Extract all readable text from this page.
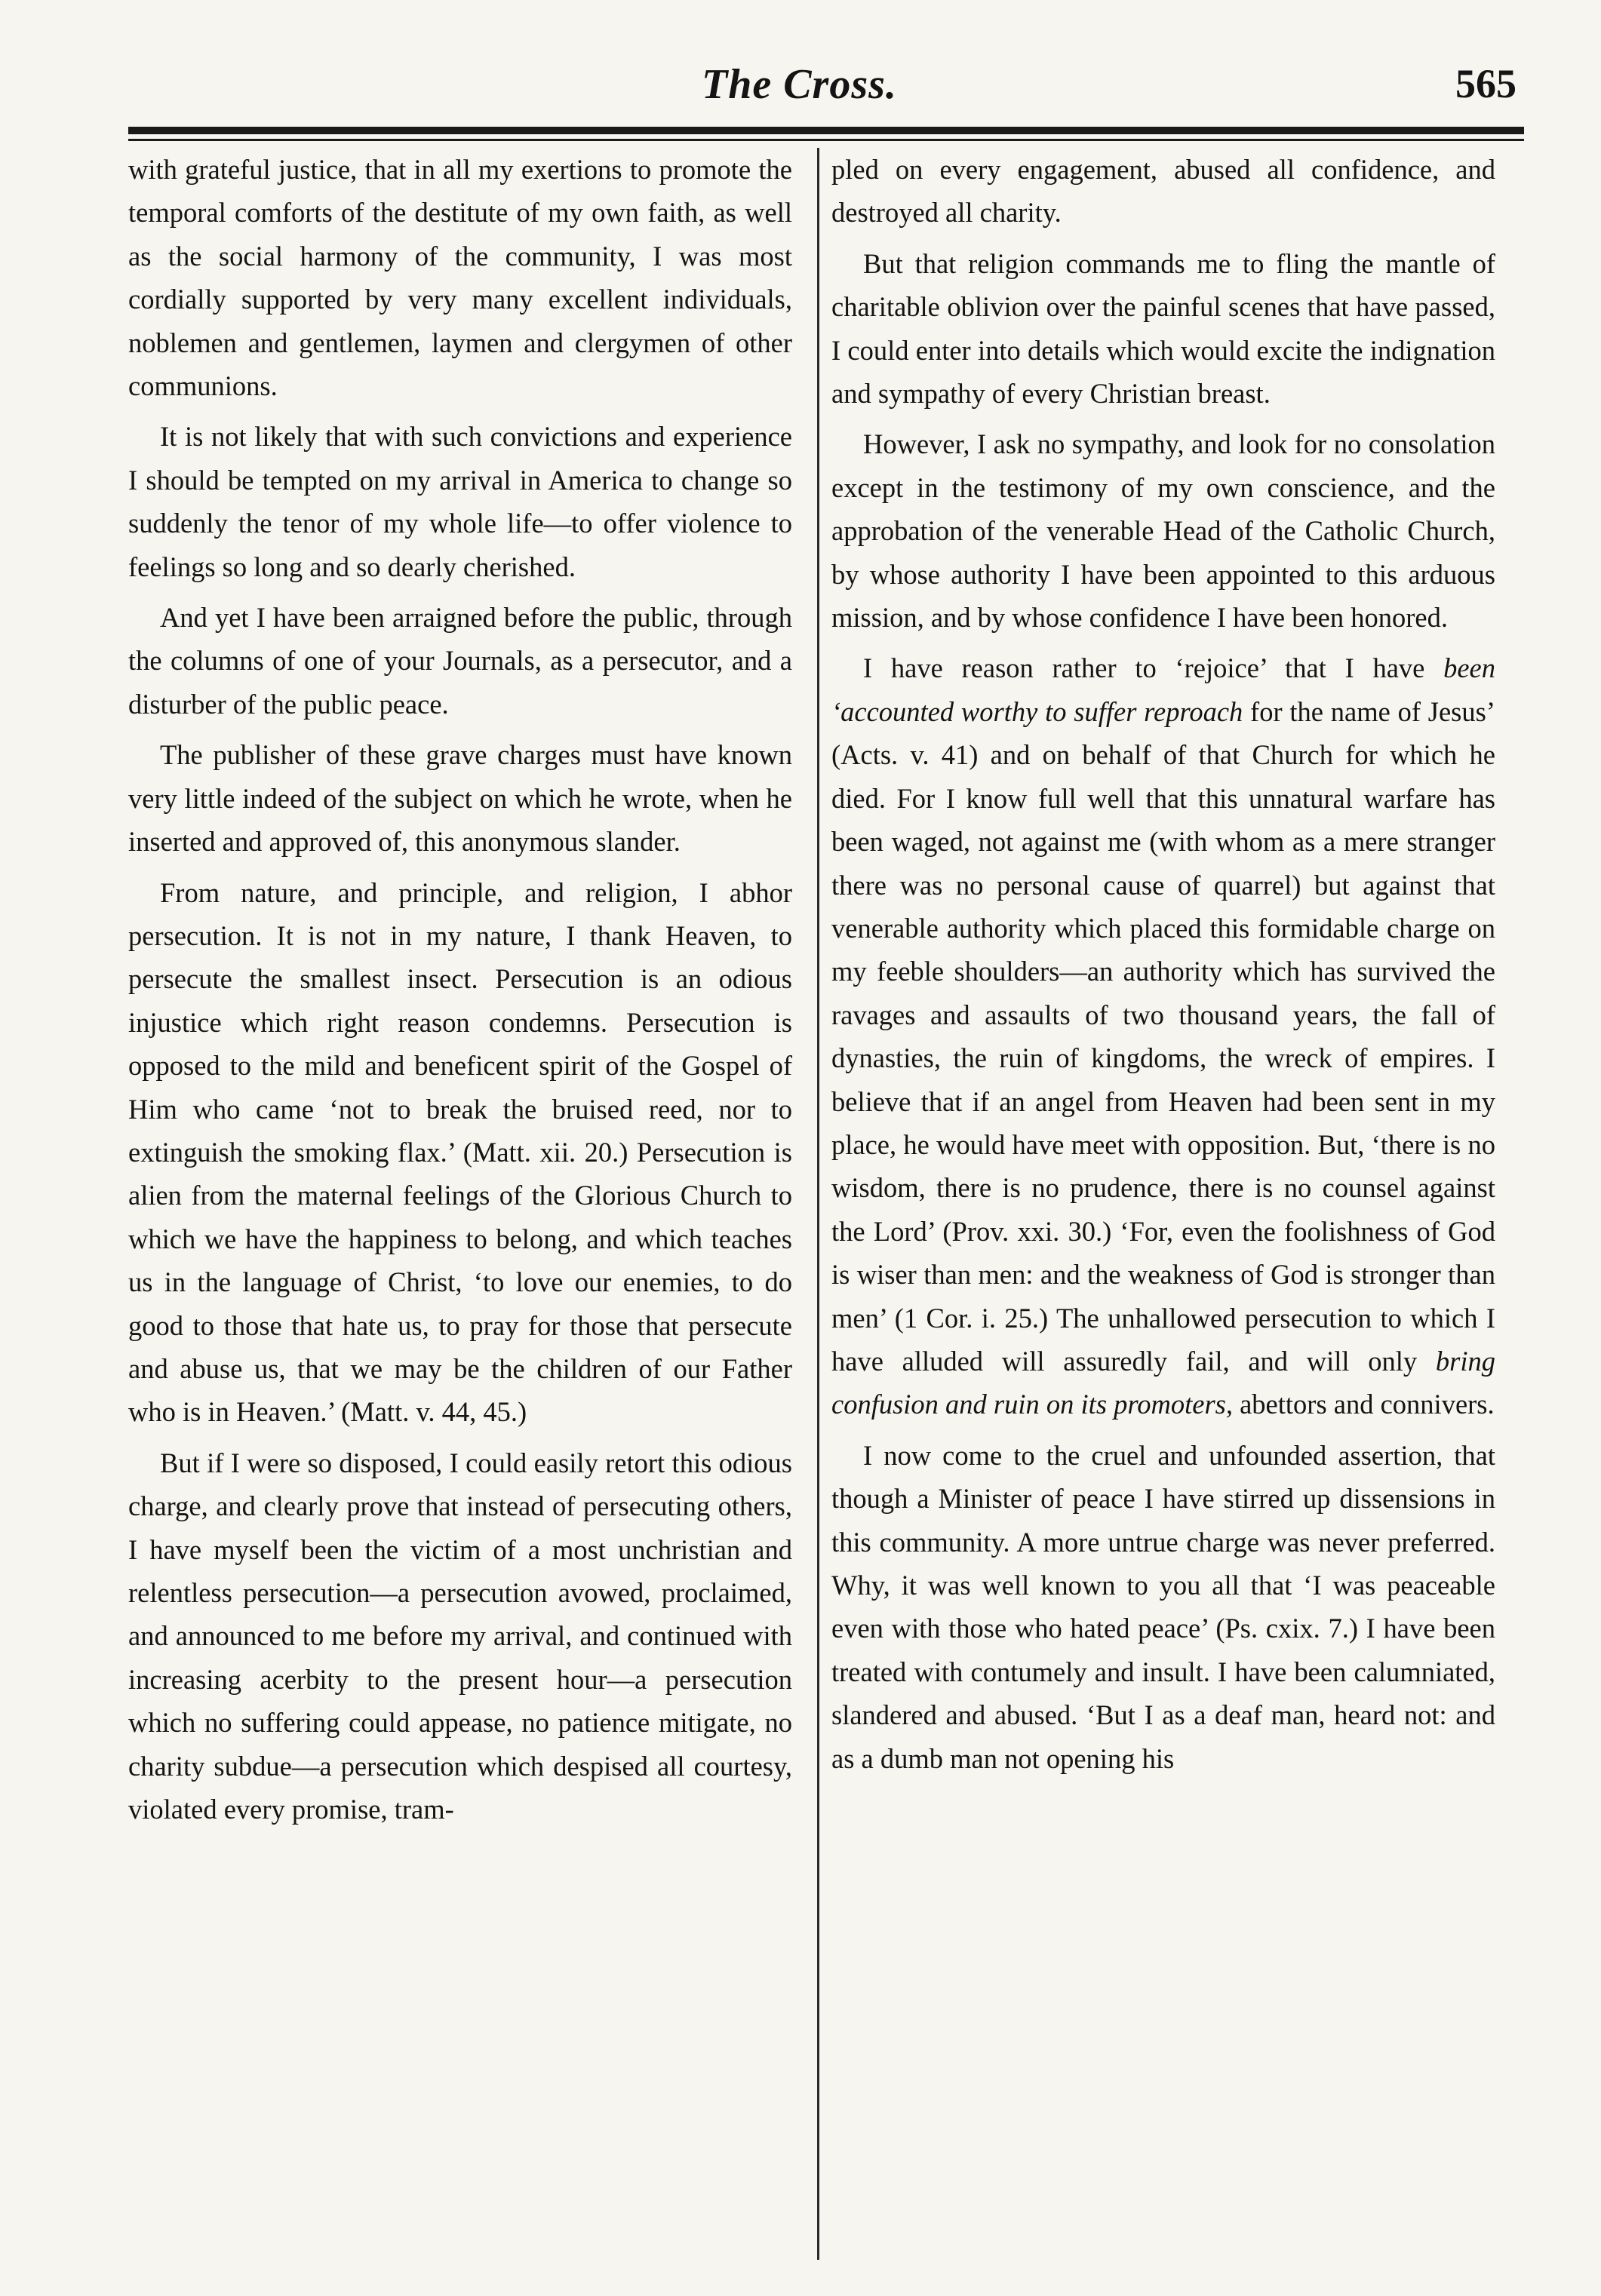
The Cross.	565

with grateful justice, that in all my exertions to promote the temporal comforts of the destitute of my own faith, as well as the social harmony of the community, I was most cordially supported by very many excellent individuals, noblemen and gentlemen, laymen and clergymen of other communions.

It is not likely that with such convictions and experience I should be tempted on my arrival in America to change so suddenly the tenor of my whole life—to offer violence to feelings so long and so dearly cherished.

And yet I have been arraigned before the public, through the columns of one of your Journals, as a persecutor, and a disturber of the public peace.

The publisher of these grave charges must have known very little indeed of the subject on which he wrote, when he inserted and approved of, this anonymous slander.

From nature, and principle, and religion, I abhor persecution. It is not in my nature, I thank Heaven, to persecute the smallest insect. Persecution is an odious injustice which right reason condemns. Persecution is opposed to the mild and beneficent spirit of the Gospel of Him who came ‘not to break the bruised reed, nor to extinguish the smoking flax.’ (Matt. xii. 20.) Persecution is alien from the maternal feelings of the Glorious Church to which we have the happiness to belong, and which teaches us in the language of Christ, ‘to love our enemies, to do good to those that hate us, to pray for those that persecute and abuse us, that we may be the children of our Father who is in Heaven.’ (Matt. v. 44, 45.)

But if I were so disposed, I could easily retort this odious charge, and clearly prove that instead of persecuting others, I have myself been the victim of a most unchristian and relentless persecution—a persecution avowed, proclaimed, and announced to me before my arrival, and continued with increasing acerbity to the present hour—a persecution which no suffering could appease, no patience mitigate, no charity subdue—a persecution which despised all courtesy, violated every promise, tram-

pled on every engagement, abused all confidence, and destroyed all charity.

But that religion commands me to fling the mantle of charitable oblivion over the painful scenes that have passed, I could enter into details which would excite the indignation and sympathy of every Christian breast.

However, I ask no sympathy, and look for no consolation except in the testimony of my own conscience, and the approbation of the venerable Head of the Catholic Church, by whose authority I have been appointed to this arduous mission, and by whose confidence I have been honored.

I have reason rather to ‘rejoice’ that I have been ‘accounted worthy to suffer reproach for the name of Jesus’ (Acts. v. 41) and on behalf of that Church for which he died. For I know full well that this unnatural warfare has been waged, not against me (with whom as a mere stranger there was no personal cause of quarrel) but against that venerable authority which placed this formidable charge on my feeble shoulders—an authority which has survived the ravages and assaults of two thousand years, the fall of dynasties, the ruin of kingdoms, the wreck of empires. I believe that if an angel from Heaven had been sent in my place, he would have meet with opposition. But, ‘there is no wisdom, there is no prudence, there is no counsel against the Lord’ (Prov. xxi. 30.) ‘For, even the foolishness of God is wiser than men: and the weakness of God is stronger than men’ (1 Cor. i. 25.) The unhallowed persecution to which I have alluded will assuredly fail, and will only bring confusion and ruin on its promoters, abettors and connivers.

I now come to the cruel and unfounded assertion, that though a Minister of peace I have stirred up dissensions in this community. A more untrue charge was never preferred. Why, it was well known to you all that ‘I was peaceable even with those who hated peace’ (Ps. cxix. 7.) I have been treated with contumely and insult. I have been calumniated, slandered and abused. ‘But I as a deaf man, heard not: and as a dumb man not opening his
